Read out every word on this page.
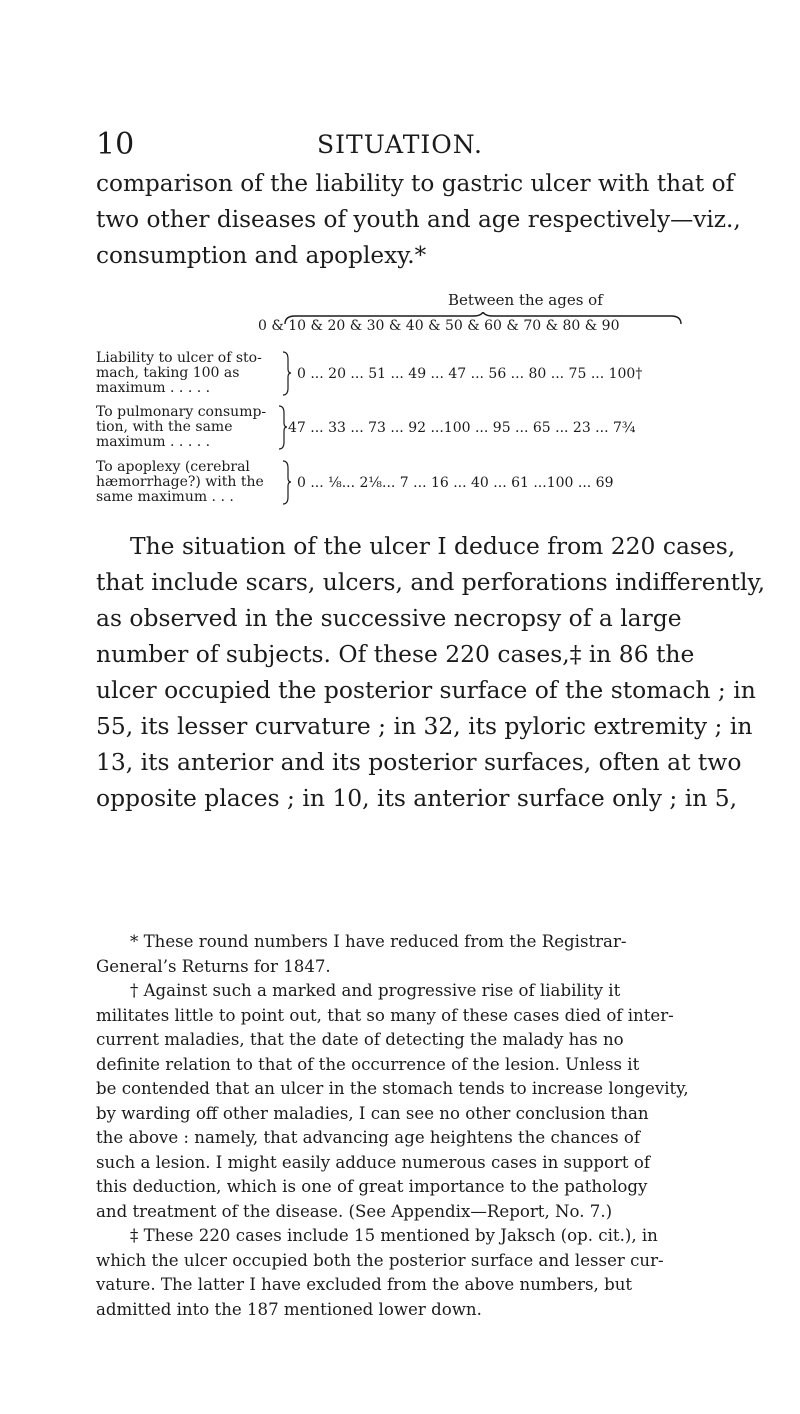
10	SITUATION.
comparison of the liability to gastric ulcer with that of
two other diseases of youth and age respectively—viz.,
consumption and apoplexy.*
Between the ages of
0 & 10 & 20 & 30 & 40 & 50 & 60 & 70 & 80 & 90
Liability to ulcer of sto-
mach, taking 100 as
maximum . . . . .
0 ... 20 ... 51 ... 49 ... 47 ... 56 ... 80 ... 75 ... 100†
To pulmonary consump-
tion, with the same
maximum . . . . .
47 ... 33 ... 73 ... 92 ...100 ... 95 ... 65 ... 23 ... 7¾
To apoplexy (cerebral
hæmorrhage?) with the
same maximum . . .
0 ... ⅛... 2⅛... 7 ... 16 ... 40 ... 61 ...100 ... 69
The situation of the ulcer I deduce from 220 cases,
that include scars, ulcers, and perforations indifferently,
as observed in the successive necropsy of a large
number of subjects. Of these 220 cases,‡ in 86 the
ulcer occupied the posterior surface of the stomach ; in
55, its lesser curvature ; in 32, its pyloric extremity ; in
13, its anterior and its posterior surfaces, often at two
opposite places ; in 10, its anterior surface only ; in 5,
* These round numbers I have reduced from the Registrar-
General’s Returns for 1847.
† Against such a marked and progressive rise of liability it
militates little to point out, that so many of these cases died of inter-
current maladies, that the date of detecting the malady has no
definite relation to that of the occurrence of the lesion. Unless it
be contended that an ulcer in the stomach tends to increase longevity,
by warding off other maladies, I can see no other conclusion than
the above : namely, that advancing age heightens the chances of
such a lesion. I might easily adduce numerous cases in support of
this deduction, which is one of great importance to the pathology
and treatment of the disease. (See Appendix—Report, No. 7.)
‡ These 220 cases include 15 mentioned by Jaksch (op. cit.), in
which the ulcer occupied both the posterior surface and lesser cur-
vature. The latter I have excluded from the above numbers, but
admitted into the 187 mentioned lower down.
